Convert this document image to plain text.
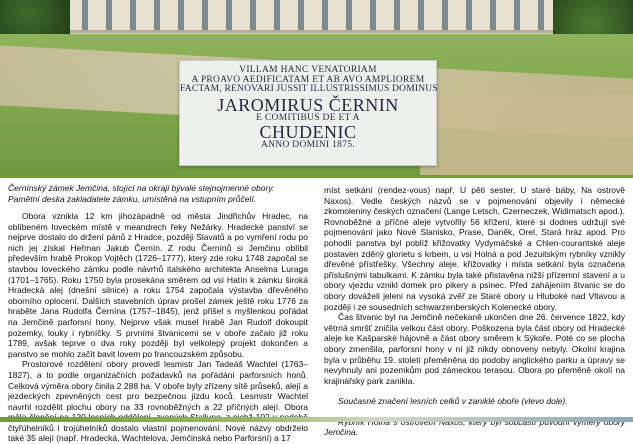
VILLAM HANC VENATORIAM
A PROAVO AEDIFICATAM ET AB AVO AMPLIOREM
FACTAM, RENOVARI JUSSIT ILLUSTRISSIMUS DOMINUS
JAROMIRUS ČERNIN
E COMITIBUS DE ET A
CHUDENIC
ANNO DOMINI 1875.
Černínský zámek Jemčina, stojící na okraji bývalé stejnojmenné obory. Pamětní deska zakladatele zámku, umístěná na vstupním průčelí.

Obora vznikla 12 km jihozápadně od města Jindřichův Hradec, na oblíbeném loveckém místě v meandrech řeky Nežárky. Hradecké panství se nejprve dostalo do držení pánů z Hradce, později Slavatů a po vymření rodu po nich jej získal Heřman Jakub Černín. Z rodu Černínů si Jemčinu oblíbil především hrabě Prokop Vojtěch (1726–1777), který zde roku 1748 započal se stavbou loveckého zámku podle návrhů italského architekta Anselma Luraga (1701–1765). Roku 1750 byla prosekána směrem od vsi Hatín k zámku široká Hradecká alej (dnešní silnice) a roku 1754 započala výstavba dřevěného oborního oplocení. Dalších stavebních úprav prošel zámek ještě roku 1776 za hraběte Jana Rudolfa Černína (1757–1845), jenž přišel s myšlenkou pořádat na Jemčině parforsní hony. Nejprve však musel hrabě Jan Rudolf dokoupit pozemky, louky i rybníčky. S prvními štvanicemi se v oboře začalo již roku 1789, avšak teprve o dva roky později byl velkolepý projekt dokončen a panstvo se mohlo začít bavit lovem po francouzském způsobu.

Prostorové rozdělení obory provedl lesmistr Jan Tadeáš Wachtel (1763–1827), a to podle organizačních požadavků na pořádání parforsních honů. Celková výměra obory činila 2 288 ha. V oboře byly zřízeny sítě průseků, alejí a jezdeckých zpevněných cest pro bezpečnou jízdu koců. Lesmistr Wachtel navrhl rozdělit plochu obory na 33 rovnoběžných a 22 příčných alejí. Obora čtyřúhelníků i trojúhelníků dostalo vlastní pojmenování. Nové názvy obdrželo také 35 alejí (např. Hradecká, Wachtelova, Jemčinská nebo Parforsní) a 17

míst setkání (rendez-vous) např. U pěti sester, U staré báby, Na ostrově Naxos). Vedle českých názvů se v pojmenování objevily i německé zkomoleniny českých označení (Lange Letsch, Czerneczek, Widimatsch apod.). Rovnoběžné a příčné aleje vytvořily 56 křížení, které si dodnes udržují své pojmenování jako Nové Slanisko, Prase, Daněk, Orel, Stará hráz apod. Pro pohodlí panstva byl poblíž křižovatky Vydymáčské a Chlen-courantské aleje postaven zděný glorietu s krbem, u vsi Holná a pod Jezuitským rybníky vznikly dřevěné přístřešky. Všechny aleje, křižovatky i místa setkání byla označena příslušnými tabulkami. K zámku byla také přistavěna nižší přízemní stavení a u obory vjezdu vznikl domek pro pikery a psinec. Před zahájením štvanic se do obory dováželi jeleni na vysoká zvěř ze Staré obory u Hluboké nad Vltavou a později i ze sousedních schwarzenberských Kolenecké obory.

Čas štvanic byl na Jemčině nečekaně ukončen dne 26. července 1822, kdy větrná smršť zničila velkou část obory. Poškozena byla část obory od Hradecké aleje ke Kašparské hájovně a část obory směrem k Sýkoře. Poté co se plocha obory zmenšila, parforsní hony v ní již nikdy obnoveny nebyly. Okolní krajina byla v průběhu 19. století přeměněna do podoby anglického parku a úpravy se nevyhnuly ani pozemkům pod zámeckou terasou. Obora po přeměně okolí na krajinářský park zanikla.

Současné značení lesních celků v zaniklé oboře (vlevo dole).

Jemčina.
